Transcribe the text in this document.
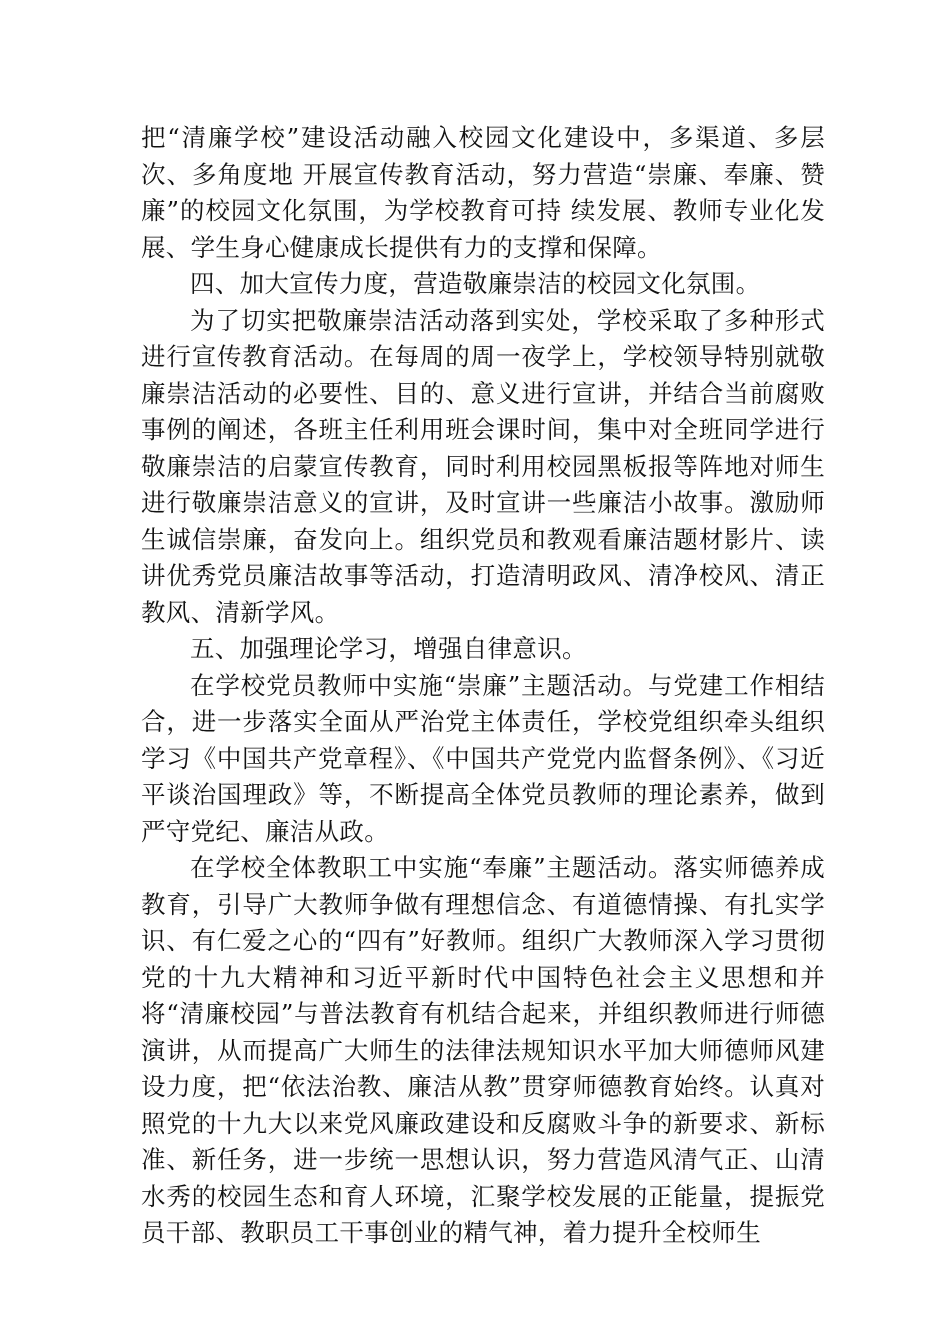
把“清廉学校”建设活动融入校园文化建设中，多渠道、多层次、多角度地 开展宣传教育活动，努力营造“崇廉、奉廉、赞廉”的校园文化氛围，为学校教育可持 续发展、教师专业化发展、学生身心健康成长提供有力的支撑和保障。

四、加大宣传力度，营造敬廉崇洁的校园文化氛围。

为了切实把敬廉崇洁活动落到实处，学校采取了多种形式进行宣传教育活动。在每周的周一夜学上，学校领导特别就敬廉崇洁活动的必要性、目的、意义进行宣讲，并结合当前腐败事例的阐述，各班主任利用班会课时间，集中对全班同学进行敬廉崇洁的启蒙宣传教育，同时利用校园黑板报等阵地对师生进行敬廉崇洁意义的宣讲，及时宣讲一些廉洁小故事。激励师生诚信崇廉，奋发向上。组织党员和教观看廉洁题材影片、读讲优秀党员廉洁故事等活动，打造清明政风、清净校风、清正教风、清新学风。

五、加强理论学习，增强自律意识。

在学校党员教师中实施“崇廉”主题活动。与党建工作相结合，进一步落实全面从严治党主体责任，学校党组织牵头组织学习《中国共产党章程》、《中国共产党党内监督条例》、《习近平谈治国理政》等，不断提高全体党员教师的理论素养，做到严守党纪、廉洁从政。

在学校全体教职工中实施“奉廉”主题活动。落实师德养成教育，引导广大教师争做有理想信念、有道德情操、有扎实学识、有仁爱之心的“四有”好教师。组织广大教师深入学习贯彻党的十九大精神和习近平新时代中国特色社会主义思想和并将“清廉校园”与普法教育有机结合起来，并组织教师进行师德演讲，从而提高广大师生的法律法规知识水平加大师德师风建设力度，把“依法治教、廉洁从教”贯穿师德教育始终。认真对照党的十九大以来党风廉政建设和反腐败斗争的新要求、新标准、新任务，进一步统一思想认识，努力营造风清气正、山清水秀的校园生态和育人环境，汇聚学校发展的正能量，提振党员干部、教职员工干事创业的精气神，着力提升全校师生
